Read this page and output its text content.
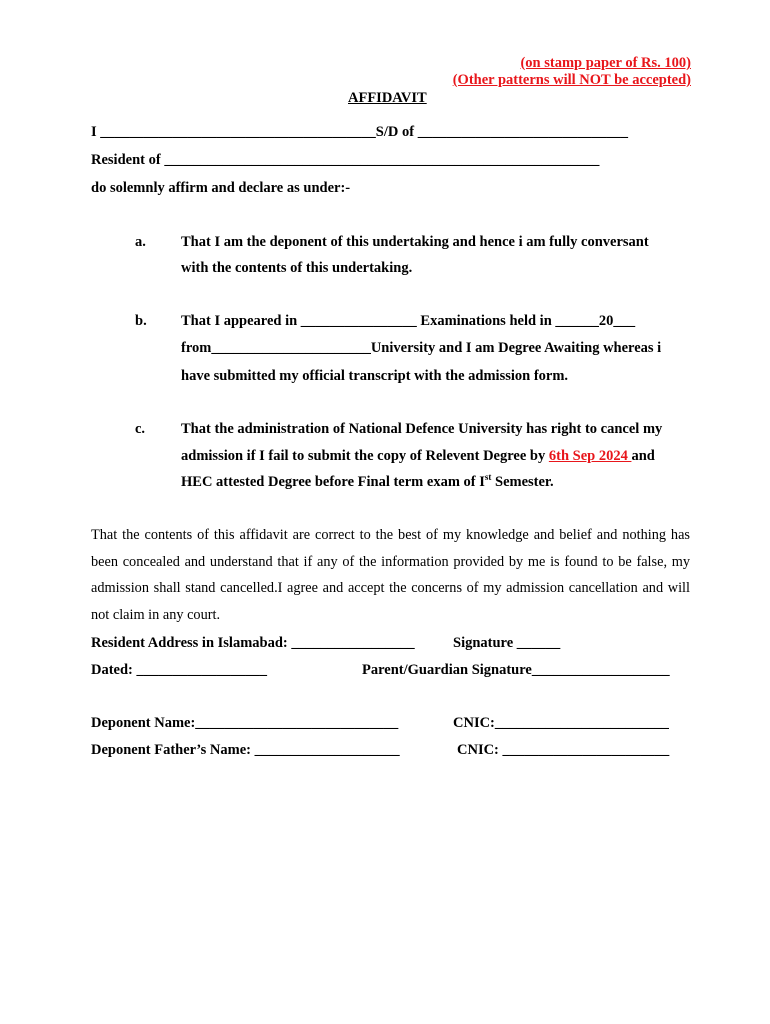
(on stamp paper of Rs. 100)
(Other patterns will NOT be accepted)
AFFIDAVIT
I ______________________________________S/D of _____________________________
Resident of ____________________________________________________________
do solemnly affirm and declare as under:-
a. That I am the deponent of this undertaking and hence i am fully conversant
with the contents of this undertaking.
b. That I appeared in ________________ Examinations held in ______20___
from______________________University and I am Degree Awaiting whereas i
have submitted my official transcript with the admission form.
c. That the administration of National Defence University has right to cancel my
admission if I fail to submit the copy of Relevent Degree by 6th Sep 2024 and
HEC attested Degree before Final term exam of Ist Semester.
That the contents of this affidavit are correct to the best of my knowledge and belief and nothing has been concealed and understand that if any of the information provided by me is found to be false, my admission shall stand cancelled.I agree and accept the concerns of my admission cancellation and will not claim in any court.
Resident Address in Islamabad: _________________	Signature ______
Dated: __________________	Parent/Guardian Signature___________________
Deponent Name:____________________________	CNIC:________________________
Deponent Father’s Name: ____________________	CNIC: _______________________
